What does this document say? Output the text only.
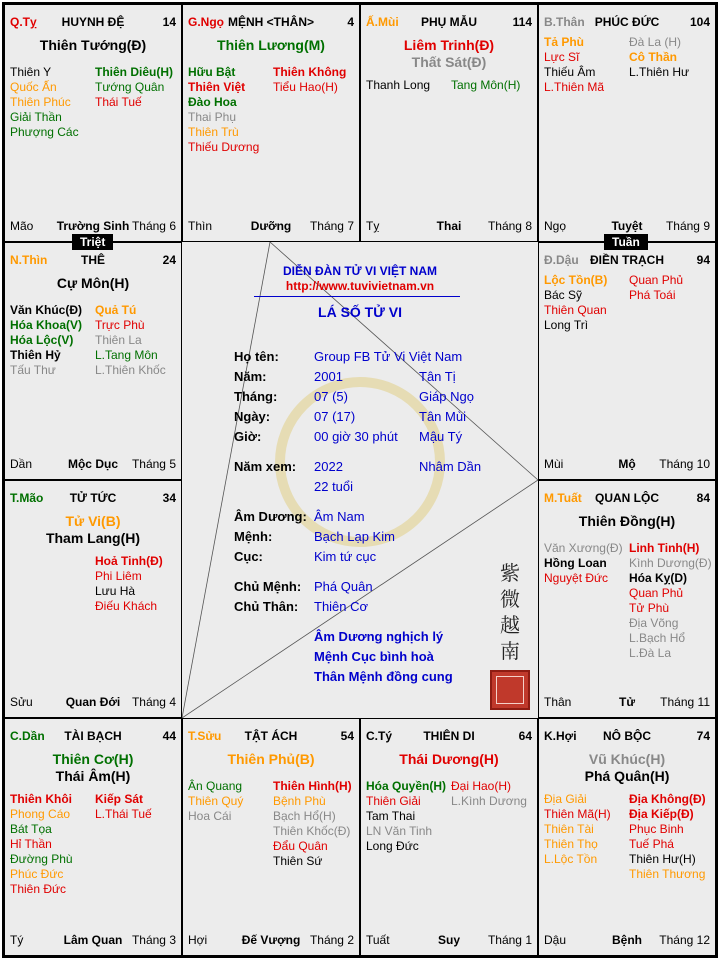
DIỄN ĐÀN TỬ VI VIỆT NAM
http://www.tuvivietnam.vn
LÁ SỐ TỬ VI
Họ tên:	Group FB Tử Vi Việt Nam
Năm:	2001	Tân Tị
Tháng:	07 (5)	Giáp Ngọ
Ngày:	07 (17)	Tân Mùi
Giờ:	00 giờ 30 phút Mậu Tý
Năm xem: 2022	Nhâm Dần
22 tuổi
Âm Dương: Âm Nam
Mệnh:	Bạch Lạp Kim
Cục:	Kim tứ cục
Chủ Mệnh: Phá Quân
Chủ Thân: Thiên Cơ
Âm Dương nghịch lý
Mệnh Cục bình hoà
Thân Mệnh đồng cung
紫
微
越
南
Q.Tỵ	HUYNH ĐỆ	14
Thiên Tướng(Đ)
Thiên Y
Quốc Ấn
Thiên Phúc
Giải Thần
Phượng Các
Thiên Diêu(H)
Tướng Quân
Thái Tuế
Mão	Trường Sinh Tháng 6
G.Ngọ MỆNH <THÂN>	4
Thiên Lương(M)
Hữu Bật
Thiên Việt
Đào Hoa
Thai Phụ
Thiên Trù
Thiếu Dương
Thiên Không
Tiểu Hao(H)
Thìn	Dưỡng	Tháng 7
Ấ.Mùi	PHỤ MẪU	114
Liêm Trinh(Đ)
Thất Sát(Đ)
Thanh Long Tang Môn(H)
Tỵ	Thai	Tháng 8
B.Thân PHÚC ĐỨC	104
Tả Phù
Lực Sĩ
Thiếu Âm
L.Thiên Mã
Đà La (H)
Cô Thần
L.Thiên Hư
Ngọ	Tuyệt	Tháng 9
N.Thìn	THÊ	24
Cự Môn(H)
Văn Khúc(Đ)
Hóa Khoa(V)
Hóa Lộc(V)
Thiên Hỷ
Tấu Thư
Quả Tú
Trực Phù
Thiên La
L.Tang Môn
L.Thiên Khốc
Dần	Mộc Dục	Tháng 5
Triệt
Đ.Dậu ĐIỀN TRẠCH	94
Lộc Tồn(B)
Bác Sỹ
Thiên Quan
Long Trì
Quan Phủ
Phá Toái
Mùi	Mộ	Tháng 10
Tuần
T.Mão	TỬ TỨC	34
Tử Vi(B)
Tham Lang(H)
Hoả Tinh(Đ)
Phi Liêm
Lưu Hà
Điếu Khách
Sửu	Quan Đới Tháng 4
M.Tuất	QUAN LỘC	84
Thiên Đồng(H)
Văn Xương(Đ)
Hồng Loan
Nguyệt Đức
Linh Tinh(H)
Kình Dương(Đ)
Hóa Kỵ(D)
Quan Phủ
Tử Phù
Địa Võng
L.Bạch Hổ
L.Đà La
Thân	Tử	Tháng 11
C.Dần	TÀI BẠCH	44
Thiên Cơ(H)
Thái Âm(H)
Thiên Khôi
Phong Cáo
Bát Tọa
Hỉ Thần
Đường Phù
Phúc Đức
Thiên Đức
Kiếp Sát
L.Thái Tuế
Tý	Lâm Quan Tháng 3
T.Sửu	TẬT ÁCH	54
Thiên Phủ(B)
Ân Quang
Thiên Quý
Hoa Cái
Thiên Hình(H)
Bệnh Phù
Bạch Hổ(H)
Thiên Khốc(Đ)
Đẩu Quân
Thiên Sứ
Hợi	Đế Vượng Tháng 2
C.Tý	THIÊN DI	64
Thái Dương(H)
Hóa Quyền(H)
Thiên Giải
Tam Thai
LN Văn Tinh
Long Đức
Đại Hao(H)
L.Kình Dương
Tuất	Suy	Tháng 1
K.Hợi	NÔ BỘC	74
Vũ Khúc(H)
Phá Quân(H)
Địa Giải
Thiên Mã(H)
Thiên Tài
Thiên Thọ
L.Lộc Tồn
Địa Không(Đ)
Địa Kiếp(Đ)
Phục Binh
Tuế Phá
Thiên Hư(H)
Thiên Thương
Dậu	Bệnh	Tháng 12
